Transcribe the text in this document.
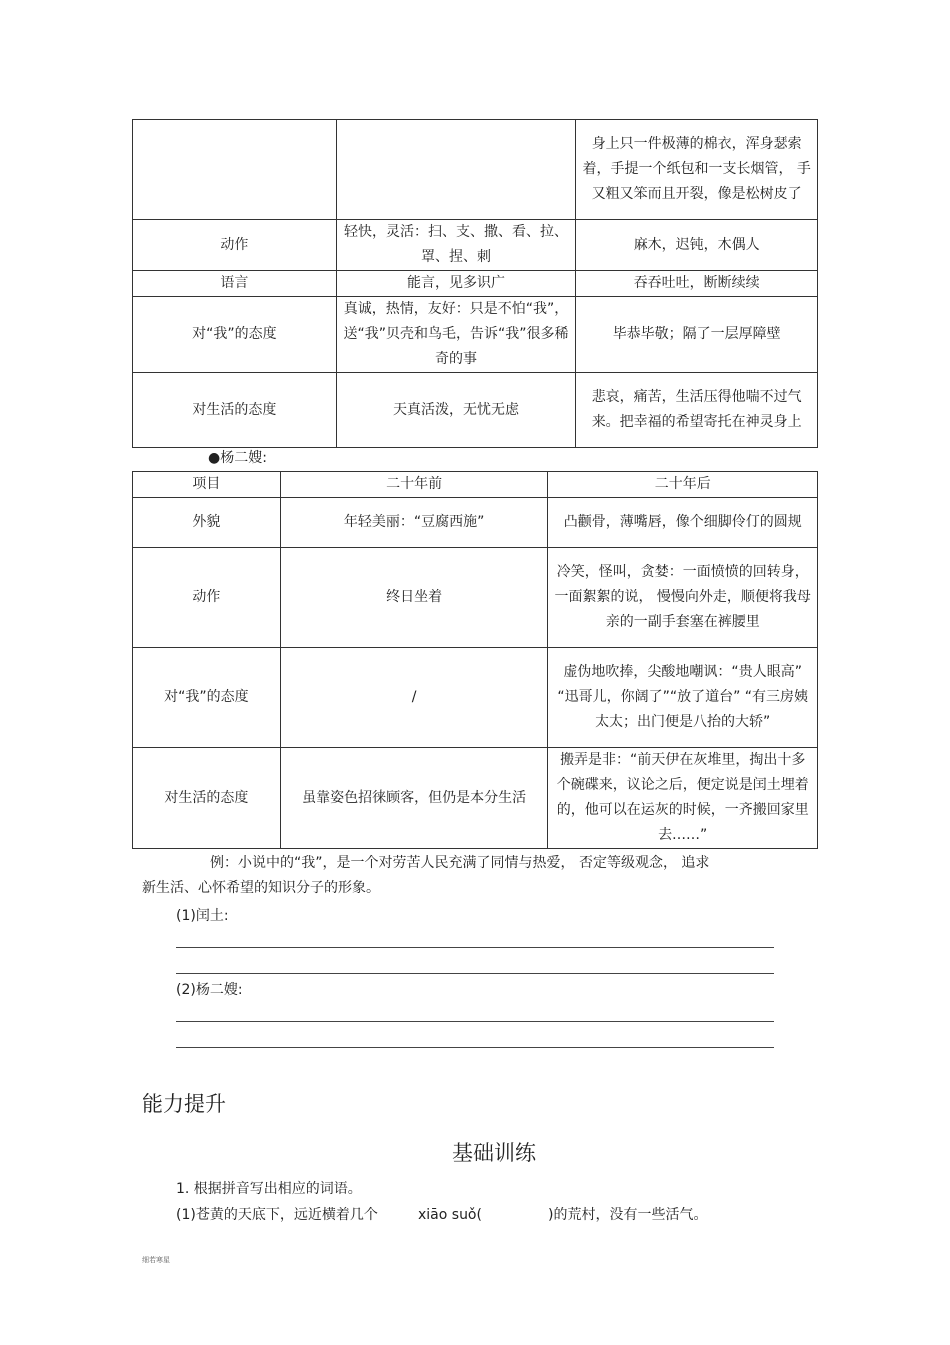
		身上只一件极薄的棉衣，浑身瑟索着，手提一个纸包和一支长烟管， 手又粗又笨而且开裂，像是松树皮了
动作	轻快，灵活：扫、支、撒、看、拉、罩、捏、刺	麻木，迟钝，木偶人
语言	能言，见多识广	吞吞吐吐，断断续续
对“我”的态度	真诚，热情，友好：只是不怕“我”， 送“我”贝壳和鸟毛，告诉“我”很多稀奇的事	毕恭毕敬；隔了一层厚障壁
对生活的态度	天真活泼，无忧无虑	悲哀，痛苦，生活压得他喘不过气来。把幸福的希望寄托在神灵身上
●杨二嫂:
项目	二十年前	二十年后
外貌	年轻美丽：“豆腐西施”	凸颧骨，薄嘴唇，像个细脚伶仃的圆规
动作	终日坐着	冷笑，怪叫，贪婪：一面愤愤的回转身， 一面絮絮的说， 慢慢向外走，顺便将我母亲的一副手套塞在裤腰里
对“我”的态度	/	虚伪地吹捧，尖酸地嘲讽：“贵人眼高” “迅哥儿，你阔了”“放了道台” “有三房姨太太；出门便是八抬的大轿”
对生活的态度	虽靠姿色招徕顾客，但仍是本分生活	搬弄是非：“前天伊在灰堆里，掏出十多个碗碟来，议论之后，便定说是闰土埋着的，他可以在运灰的时候，一齐搬回家里去……”
例：小说中的“我”，是一个对劳苦人民充满了同情与热爱， 否定等级观念， 追求
新生活、心怀希望的知识分子的形象。
(1)闰土:
(2)杨二嫂:
能力提升
基础训练
1. 根据拼音写出相应的词语。
(1)苍黄的天底下，远近横着几个	xiāo suǒ(	)的荒村，没有一些活气。
细若寒星
